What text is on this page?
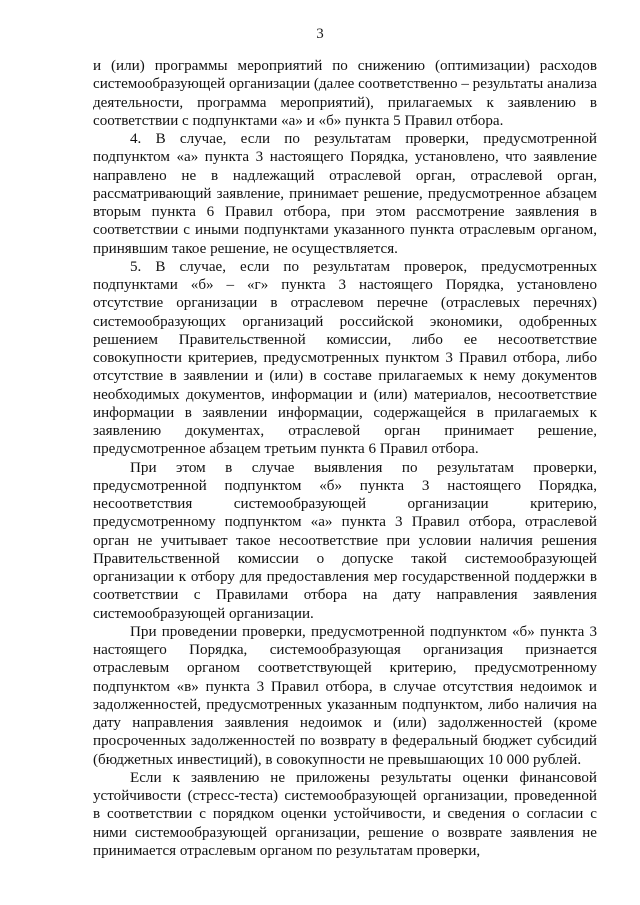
3

и (или) программы мероприятий по снижению (оптимизации) расходов системообразующей организации (далее соответственно – результаты анализа деятельности, программа мероприятий), прилагаемых к заявлению в соответствии с подпунктами «а» и «б» пункта 5 Правил отбора.

4. В случае, если по результатам проверки, предусмотренной подпунктом «а» пункта 3 настоящего Порядка, установлено, что заявление направлено не в надлежащий отраслевой орган, отраслевой орган, рассматривающий заявление, принимает решение, предусмотренное абзацем вторым пункта 6 Правил отбора, при этом рассмотрение заявления в соответствии с иными подпунктами указанного пункта отраслевым органом, принявшим такое решение, не осуществляется.

5. В случае, если по результатам проверок, предусмотренных подпунктами «б» – «г» пункта 3 настоящего Порядка, установлено отсутствие организации в отраслевом перечне (отраслевых перечнях) системообразующих организаций российской экономики, одобренных решением Правительственной комиссии, либо ее несоответствие совокупности критериев, предусмотренных пунктом 3 Правил отбора, либо отсутствие в заявлении и (или) в составе прилагаемых к нему документов необходимых документов, информации и (или) материалов, несоответствие информации в заявлении информации, содержащейся в прилагаемых к заявлению документах, отраслевой орган принимает решение, предусмотренное абзацем третьим пункта 6 Правил отбора.

При этом в случае выявления по результатам проверки, предусмотренной подпунктом «б» пункта 3 настоящего Порядка, несоответствия системообразующей организации критерию, предусмотренному подпунктом «а» пункта 3 Правил отбора, отраслевой орган не учитывает такое несоответствие при условии наличия решения Правительственной комиссии о допуске такой системообразующей организации к отбору для предоставления мер государственной поддержки в соответствии с Правилами отбора на дату направления заявления системообразующей организации.

При проведении проверки, предусмотренной подпунктом «б» пункта 3 настоящего Порядка, системообразующая организация признается отраслевым органом соответствующей критерию, предусмотренному подпунктом «в» пункта 3 Правил отбора, в случае отсутствия недоимок и задолженностей, предусмотренных указанным подпунктом, либо наличия на дату направления заявления недоимок и (или) задолженностей (кроме просроченных задолженностей по возврату в федеральный бюджет субсидий (бюджетных инвестиций), в совокупности не превышающих 10 000 рублей.

Если к заявлению не приложены результаты оценки финансовой устойчивости (стресс-теста) системообразующей организации, проведенной в соответствии с порядком оценки устойчивости, и сведения о согласии с ними системообразующей организации, решение о возврате заявления не принимается отраслевым органом по результатам проверки,
